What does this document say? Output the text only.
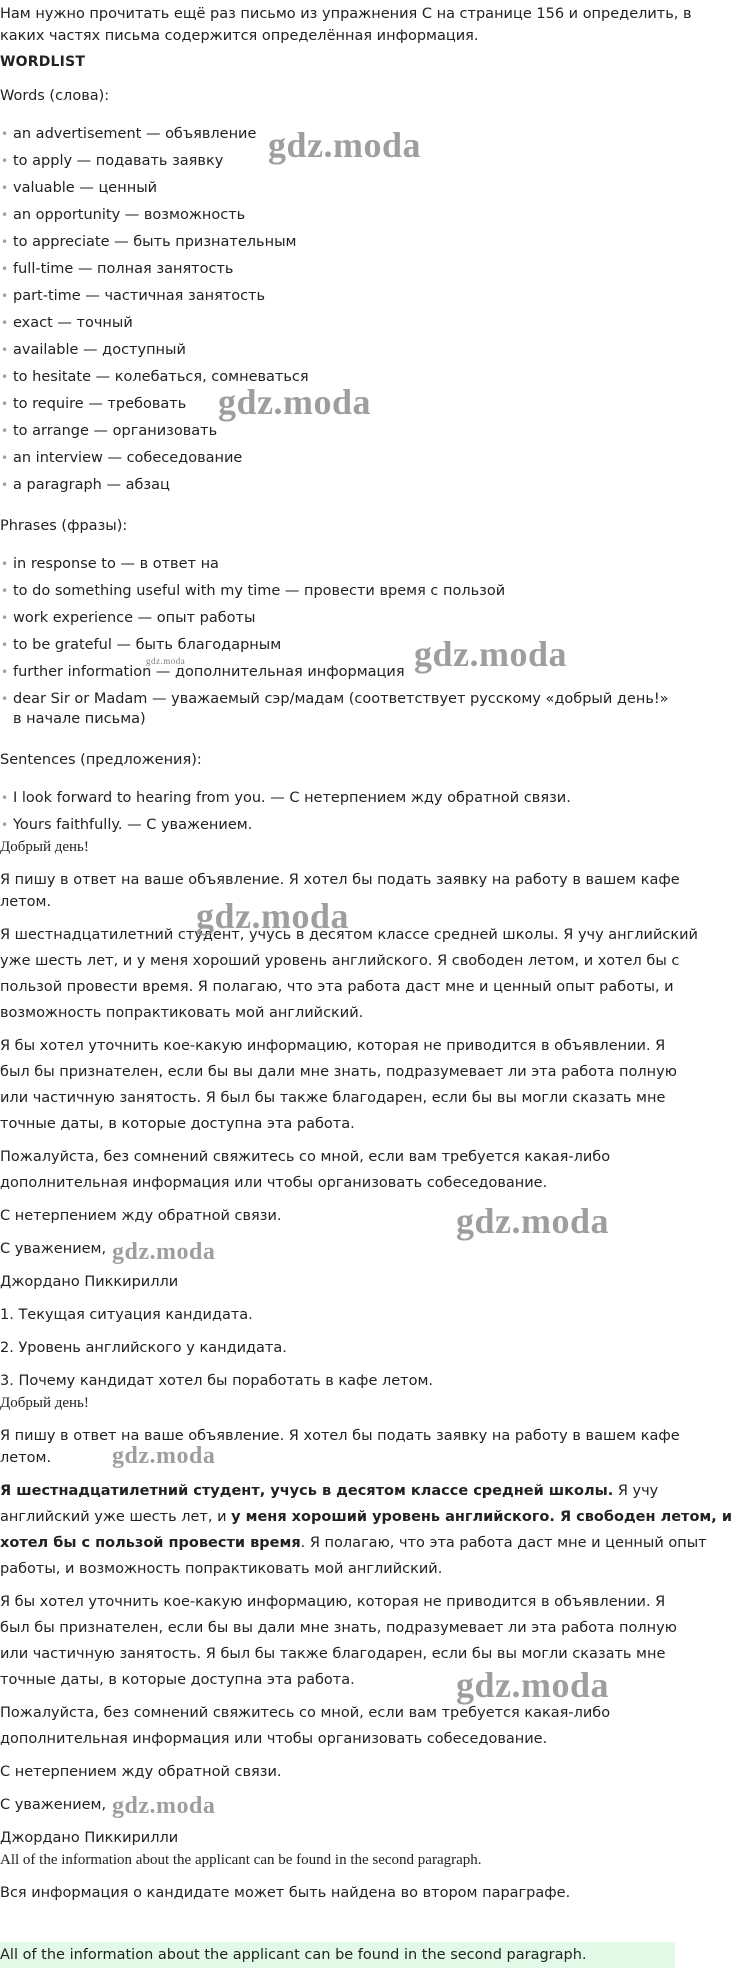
Нам нужно прочитать ещё раз письмо из упражнения C на странице 156 и определить, в
каких частях письма содержится определённая информация.
WORDLIST
Words (слова):
• an advertisement — объявление
• to apply — подавать заявку
• valuable — ценный
• an opportunity — возможность
• to appreciate — быть признательным
• full-time — полная занятость
• part-time — частичная занятость
• exact — точный
• available — доступный
• to hesitate — колебаться, сомневаться
• to require — требовать
• to arrange — организовать
• an interview — собеседование
• a paragraph — абзац
Phrases (фразы):
• in response to — в ответ на
• to do something useful with my time — провести время с пользой
• work experience — опыт работы
• to be grateful — быть благодарным
• further information — дополнительная информация
• dear Sir or Madam — уважаемый сэр/мадам (соответствует русскому «добрый день!»
в начале письма)
Sentences (предложения):
• I look forward to hearing from you. — С нетерпением жду обратной связи.
• Yours faithfully. — С уважением.
Добрый день!
Я пишу в ответ на ваше объявление. Я хотел бы подать заявку на работу в вашем кафе
летом.
Я шестнадцатилетний студент, учусь в десятом классе средней школы. Я учу английский
уже шесть лет, и у меня хороший уровень английского. Я свободен летом, и хотел бы с
пользой провести время. Я полагаю, что эта работа даст мне и ценный опыт работы, и
возможность попрактиковать мой английский.
Я бы хотел уточнить кое-какую информацию, которая не приводится в объявлении. Я
был бы признателен, если бы вы дали мне знать, подразумевает ли эта работа полную
или частичную занятость. Я был бы также благодарен, если бы вы могли сказать мне
точные даты, в которые доступна эта работа.
Пожалуйста, без сомнений свяжитесь со мной, если вам требуется какая-либо
дополнительная информация или чтобы организовать собеседование.
С нетерпением жду обратной связи.
С уважением,
Джордано Пиккирилли
1. Текущая ситуация кандидата.
2. Уровень английского у кандидата.
3. Почему кандидат хотел бы поработать в кафе летом.
Добрый день!
Я пишу в ответ на ваше объявление. Я хотел бы подать заявку на работу в вашем кафе
летом.
Я шестнадцатилетний студент, учусь в десятом классе средней школы. Я учу
английский уже шесть лет, и у меня хороший уровень английского. Я свободен летом, и
хотел бы с пользой провести время. Я полагаю, что эта работа даст мне и ценный опыт
работы, и возможность попрактиковать мой английский.
Я бы хотел уточнить кое-какую информацию, которая не приводится в объявлении. Я
был бы признателен, если бы вы дали мне знать, подразумевает ли эта работа полную
или частичную занятость. Я был бы также благодарен, если бы вы могли сказать мне
точные даты, в которые доступна эта работа.
Пожалуйста, без сомнений свяжитесь со мной, если вам требуется какая-либо
дополнительная информация или чтобы организовать собеседование.
С нетерпением жду обратной связи.
С уважением,
Джордано Пиккирилли
All of the information about the applicant can be found in the second paragraph.
Вся информация о кандидате может быть найдена во втором параграфе.
All of the information about the applicant can be found in the second paragraph.
gdz.moda
gdz.moda
gdz.moda
gdz.moda
gdz.moda
gdz.moda
gdz.moda
gdz.moda
gdz.moda
gdz.moda
